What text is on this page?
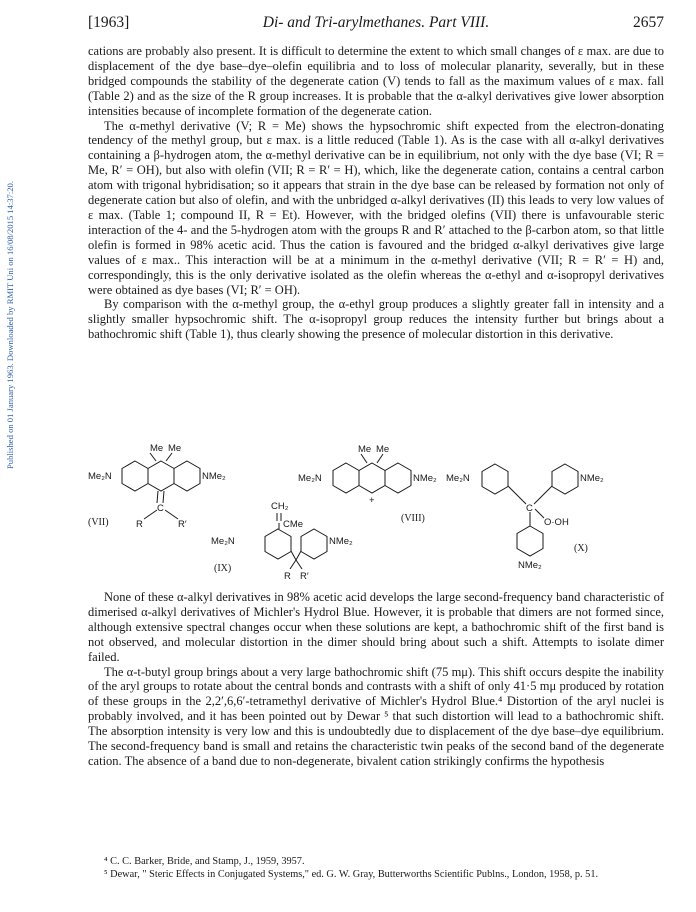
Published on 01 January 1963. Downloaded by RMIT Uni on 16/08/2015 14:37:20.
[1963]	Di- and Tri-arylmethanes. Part VIII.	2657

cations are probably also present. It is difficult to determine the extent to which small changes of ε max. are due to displacement of the dye base–dye–olefin equilibria and to loss of molecular planarity, severally, but in these bridged compounds the stability of the degenerate cation (V) tends to fall as the maximum values of ε max. fall (Table 2) and as the size of the R group increases. It is probable that the α-alkyl derivatives give lower absorption intensities because of incomplete formation of the degenerate cation.

The α-methyl derivative (V; R = Me) shows the hypsochromic shift expected from the electron-donating tendency of the methyl group, but ε max. is a little reduced (Table 1). As is the case with all α-alkyl derivatives containing a β-hydrogen atom, the α-methyl derivative can be in equilibrium, not only with the dye base (VI; R = Me, R′ = OH), but also with olefin (VII; R = R′ = H), which, like the degenerate cation, contains a central carbon atom with trigonal hybridisation; so it appears that strain in the dye base can be released by formation not only of degenerate cation but also of olefin, and with the unbridged α-alkyl derivatives (II) this leads to very low values of ε max. (Table 1; compound II, R = Et). However, with the bridged olefins (VII) there is unfavourable steric interaction of the 4- and the 5-hydrogen atom with the groups R and R′ attached to the β-carbon atom, so that little olefin is formed in 98% acetic acid. Thus the cation is favoured and the bridged α-alkyl derivatives give large values of ε max.. This interaction will be at a minimum in the α-methyl derivative (VII; R = R′ = H) and, correspondingly, this is the only derivative isolated as the olefin whereas the α-ethyl and α-isopropyl derivatives were obtained as dye bases (VI; R′ = OH).

By comparison with the α-methyl group, the α-ethyl group produces a slightly greater fall in intensity and a slightly smaller hypsochromic shift. The α-isopropyl group reduces the intensity further but brings about a bathochromic shift (Table 1), thus clearly showing the presence of molecular distortion in this derivative.

Me Me
Me₂N	NMe₂
C
R	R′
(VII)
Me Me
Me₂N	NMe₂
+
(VIII)
CH₂
CMe
Me₂N	NMe₂
R R′
(IX)
Me₂N	NMe₂
C
O·OH
NMe₂
(X)

None of these α-alkyl derivatives in 98% acetic acid develops the large second-frequency band characteristic of dimerised α-alkyl derivatives of Michler's Hydrol Blue. However, it is probable that dimers are not formed since, although extensive spectral changes occur when these solutions are kept, a bathochromic shift of the first band is not observed, and molecular distortion in the dimer should bring about such a shift. Attempts to isolate dimer failed.

The α-t-butyl group brings about a very large bathochromic shift (75 mμ). This shift occurs despite the inability of the aryl groups to rotate about the central bonds and contrasts with a shift of only 41·5 mμ produced by rotation of these groups in the 2,2′,6,6′-tetramethyl derivative of Michler's Hydrol Blue.⁴ Distortion of the aryl nuclei is probably involved, and it has been pointed out by Dewar ⁵ that such distortion will lead to a bathochromic shift. The absorption intensity is very low and this is undoubtedly due to displacement of the dye base–dye equilibrium. The second-frequency band is small and retains the characteristic twin peaks of the second band of the degenerate cation. The absence of a band due to non-degenerate, bivalent cation strikingly confirms the hypothesis

⁴ C. C. Barker, Bride, and Stamp, J., 1959, 3957.

⁵ Dewar, " Steric Effects in Conjugated Systems," ed. G. W. Gray, Butterworths Scientific Publns., London, 1958, p. 51.
